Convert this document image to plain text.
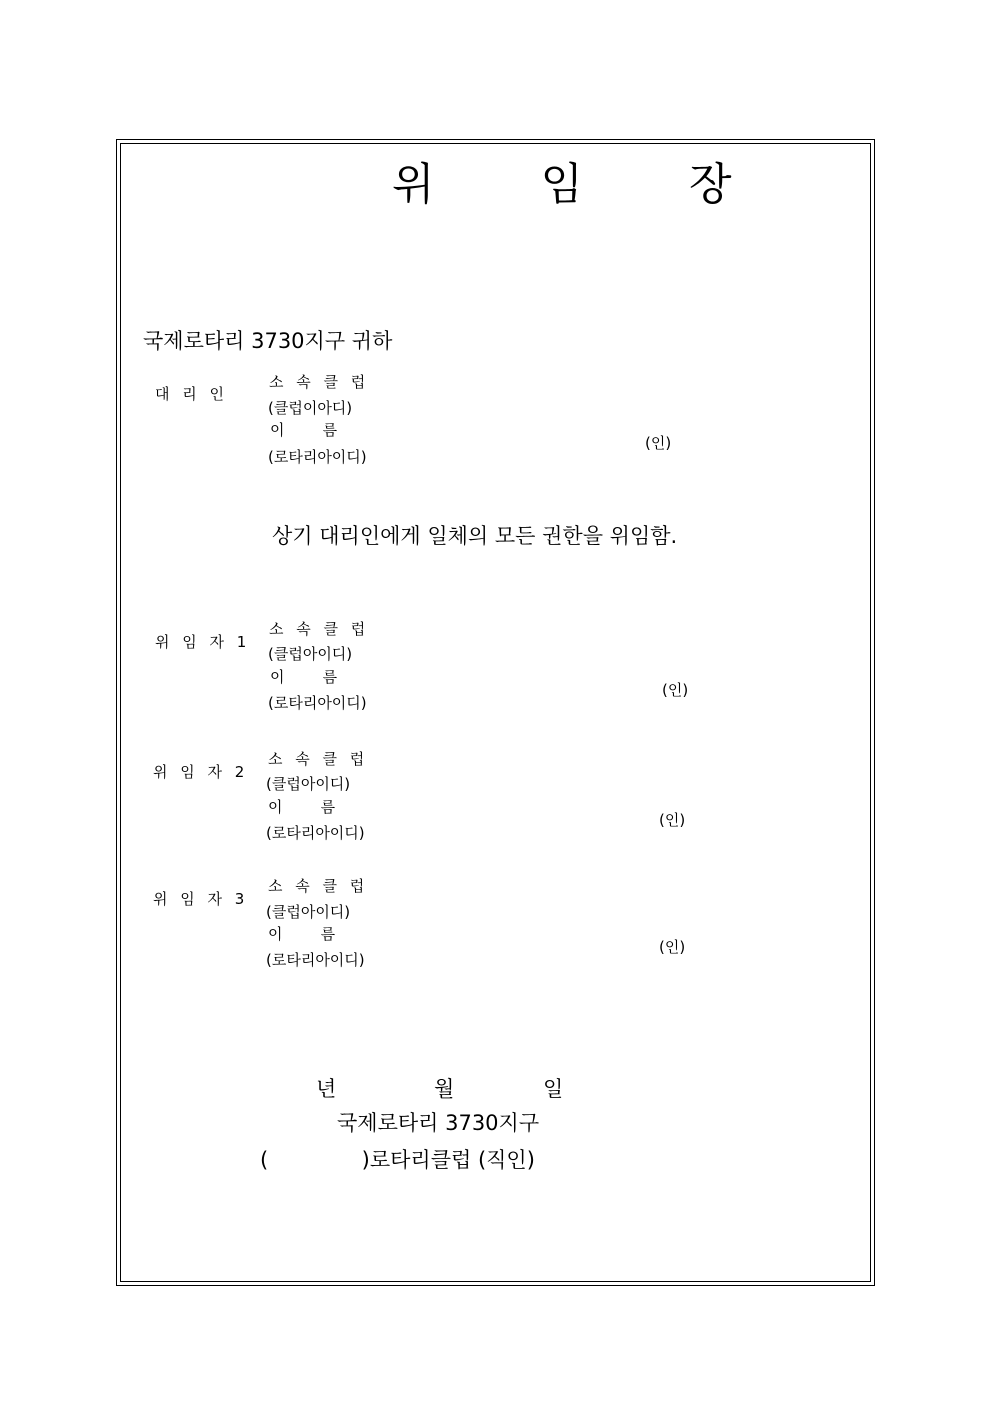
위 임 장
국제로타리 3730지구 귀하
대 리 인
소 속 클 럽
(클럽이아디)
이        름
(로타리아이디)
(인)
상기 대리인에게 일체의 모든 권한을 위임함.
위 임 자 1
소 속 클 럽
(클럽아이디)
이        름
(로타리아이디)
(인)
위 임 자 2
소 속 클 럽
(클럽아이디)
이        름
(로타리아이디)
(인)
위 임 자 3
소 속 클 럽
(클럽아이디)
이        름
(로타리아이디)
(인)
년	월	일
국제로타리 3730지구
(              )로타리클럽 (직인)
